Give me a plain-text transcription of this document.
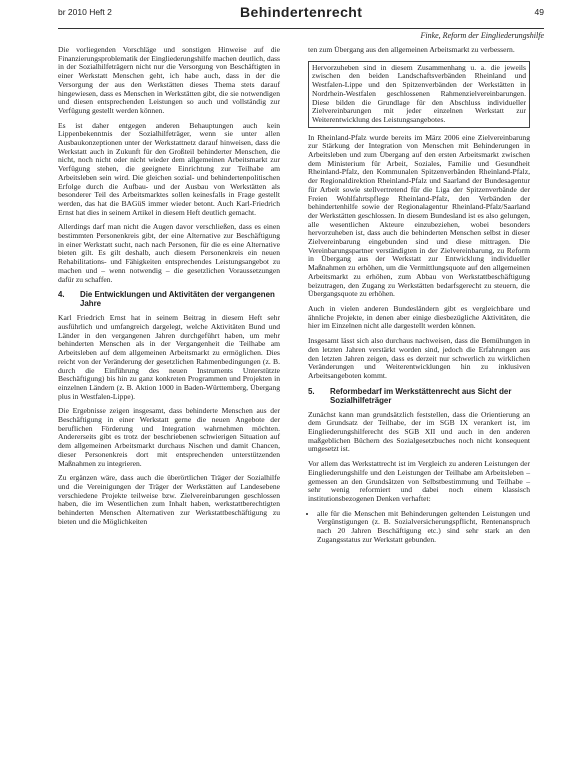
br 2010 Heft 2	Behindertenrecht	49
Finke, Reform der Eingliederungshilfe

Die vorliegenden Vorschläge und sonstigen Hinweise auf die Finanzierungsproblematik der Eingliederungshilfe machen deutlich, dass in der Sozialhilfeträgern nicht nur die Versorgung von Beschäftigten in einer Werkstatt Menschen geht, ich habe auch, dass in der die Versorgung der aus den Werkstätten dieses Thema stets darauf hingewiesen, dass es Menschen in Werkstätten gibt, die sie notwendigen und diesen entsprechenden Leistungen so auch und vollständig zur Verfügung gestellt werden können.

Es ist daher entgegen anderen Behauptungen auch kein Lippenbekenntnis der Sozialhilfeträger, wenn sie unter allen Ausbaukonzeptionen unter der Werkstattnetz darauf hinweisen, dass die Werkstatt auch in Zukunft für den Großteil behinderter Menschen, die nicht, noch nicht oder nicht wieder dem allgemeinen Arbeitsmarkt zur Verfügung stehen, die geeignete Einrichtung zur Teilhabe am Arbeitsleben sein wird. Die gleichen sozial- und behindertenpolitischen Erfolge durch die Aufbau- und der Ausbau von Werkstätten als besonderer Teil des Arbeitsmarktes sollen keinesfalls in Frage gestellt werden, das hat die BAGüS immer wieder betont. Auch Karl-Friedrich Ernst hat dies in seinem Artikel in diesem Heft deutlich gemacht.

Allerdings darf man nicht die Augen davor verschließen, dass es einen bestimmten Personenkreis gibt, der eine Alternative zur Beschäftigung in einer Werkstatt sucht, nach nach Personen, für die es eine Alternative bieten gilt. Es gilt deshalb, auch diesem Personenkreis ein neuen Rehabilitations- und Fähigkeiten entsprechendes Leistungsangebot zu machen und – wenn notwendig – die gesetzlichen Voraussetzungen dafür zu schaffen.

4. Die Entwicklungen und Aktivitäten der vergangenen Jahre

Karl Friedrich Ernst hat in seinem Beitrag in diesem Heft sehr ausführlich und umfangreich dargelegt, welche Aktivitäten Bund und Länder in den vergangenen Jahren durchgeführt haben, um mehr behinderten Menschen als in der Vergangenheit die Teilhabe am Arbeitsleben auf dem allgemeinen Arbeitsmarkt zu ermöglichen. Dies reicht von der Veränderung der gesetzlichen Rahmenbedingungen (z. B. durch die Einführung des neuen Instruments Unterstützte Beschäftigung) bis hin zu ganz konkreten Programmen und Projekten in einzelnen Ländern (z. B. Aktion 1000 in Baden-Württemberg, Übergang plus in Westfalen-Lippe).

Die Ergebnisse zeigen insgesamt, dass behinderte Menschen aus der Beschäftigung in einer Werkstatt gerne die neuen Angebote der beruflichen Förderung und Integration wahrnehmen möchten. Andererseits gibt es trotz der beschriebenen schwierigen Situation auf dem allgemeinen Arbeitsmarkt durchaus Nischen und damit Chancen, dieser Personenkreis dort mit entsprechenden unterstützenden Maßnahmen zu integrieren.

Zu ergänzen wäre, dass auch die überörtlichen Träger der Sozialhilfe und die Vereinigungen der Träger der Werkstätten auf Landesebene verschiedene Projekte teilweise bzw. Zielvereinbarungen geschlossen haben, die im Wesentlichen zum Inhalt haben, werkstattberechtigten behinderten Menschen Alternativen zur Werkstattbeschäftigung zu bieten und die Möglichkeiten

ten zum Übergang aus den allgemeinen Arbeitsmarkt zu verbessern.

Hervorzuheben sind in diesem Zusammenhang u. a. die jeweils zwischen den beiden Landschaftsverbänden Rheinland und Westfalen-Lippe und den Spitzenverbänden der Werkstätten in Nordrhein-Westfalen geschlossenen Rahmenzielvereinbarungen. Diese bilden die Grundlage für den Abschluss individueller Zielvereinbarungen mit jeder einzelnen Werkstatt zur Weiterentwicklung des Leistungsangebotes.

In Rheinland-Pfalz wurde bereits im März 2006 eine Zielvereinbarung zur Stärkung der Integration von Menschen mit Behinderungen in Arbeitsleben und zum Übergang auf den ersten Arbeitsmarkt zwischen dem Ministerium für Arbeit, Soziales, Familie und Gesundheit Rheinland-Pfalz, den Kommunalen Spitzenverbänden Rheinland-Pfalz, der Regionaldirektion Rheinland-Pfalz und Saarland der Bundesagentur für Arbeit sowie stellvertretend für die Liga der Spitzenverbände der Freien Wohlfahrtspflege Rheinland-Pfalz, den Verbänden der behindertenhilfe sowie der Regionalagentur Rheinland-Pfalz/Saarland der Werkstätten geschlossen. In diesem Bundesland ist es also gelungen, alle wesentlichen Akteure einzubeziehen, wobei besonders hervorzuheben ist, dass auch die behinderten Menschen selbst in dieser Zielvereinbarung eingebunden sind und diese mittragen. Die Vereinbarungspartner verständigten in der Zielvereinbarung, zu Reform in Übergang aus der Werkstatt zur Entwicklung individueller Maßnahmen zu erhöhen, um die Vermittlungsquote auf den allgemeinen Arbeitsmarkt zu erhöhen, zum Abbau von Werkstattbeschäftigung beizutragen, den Zugang zu Werkstätten bedarfsgerecht zu steuern, die Übergangsquote zu erhöhen.

Auch in vielen anderen Bundesländern gibt es vergleichbare und ähnliche Projekte, in denen aber einige diesbezügliche Aktivitäten, die hier im Einzelnen nicht alle dargestellt werden können.

Insgesamt lässt sich also durchaus nachweisen, dass die Bemühungen in den letzten Jahren verstärkt worden sind, jedoch die Erfahrungen aus den letzten Jahren zeigen, dass es derzeit nur schwerlich zu wirklichen Veränderungen und Weiterentwicklungen hin zu inklusiven Arbeitsangeboten kommt.

5. Reformbedarf im Werkstättenrecht aus Sicht der Sozialhilfeträger

Zunächst kann man grundsätzlich feststellen, dass die Orientierung an dem Grundsatz der Teilhabe, der im SGB IX verankert ist, im Eingliederungshilferecht des SGB XII und auch in den anderen maßgeblichen Büchern des Sozialgesetzbuches noch nicht konsequent umgesetzt ist.

Vor allem das Werkstattrecht ist im Vergleich zu anderen Leistungen der Eingliederungshilfe und den Leistungen der Teilhabe am Arbeitsleben – gemessen an den Grundsätzen von Selbstbestimmung und Teilhabe – sehr wenig reformiert und dabei noch einem klassisch institutionsbezogenen Denken verhaftet:

• alle für die Menschen mit Behinderungen geltenden Leistungen und Vergünstigungen (z. B. Sozialversicherungspflicht, Rentenanspruch nach 20 Jahren Beschäftigung etc.) sind sehr stark an den Zugangsstatus zur Werkstatt gebunden.
